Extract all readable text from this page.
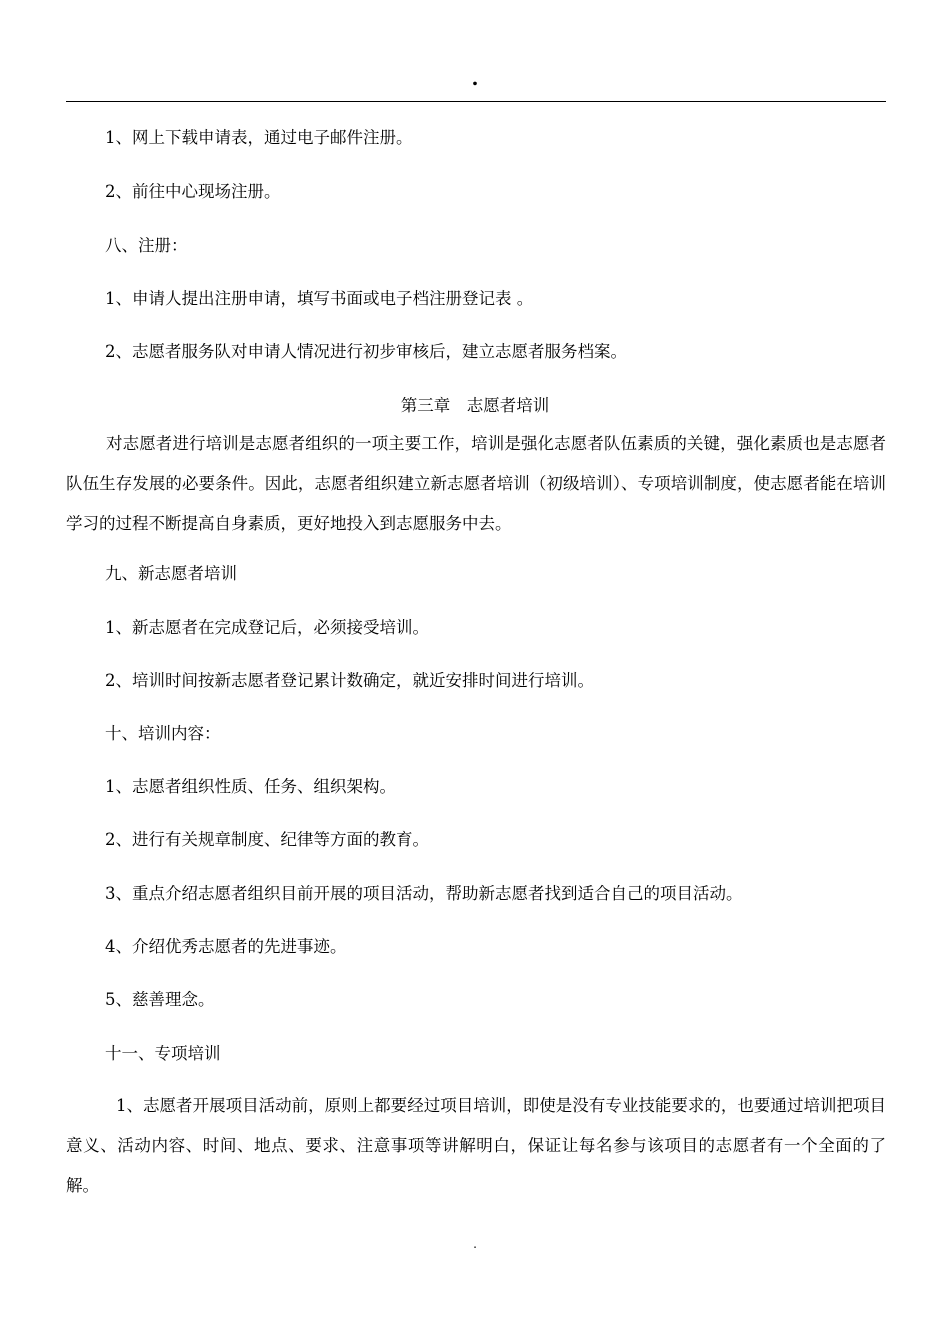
.
1、网上下载申请表，通过电子邮件注册。
2、前往中心现场注册。
八、注册：
1、申请人提出注册申请，填写书面或电子档注册登记表 。
2、志愿者服务队对申请人情况进行初步审核后，建立志愿者服务档案。
第三章　志愿者培训
对志愿者进行培训是志愿者组织的一项主要工作，培训是强化志愿者队伍素质的关键，强化素质也是志愿者队伍生存发展的必要条件。因此，志愿者组织建立新志愿者培训（初级培训）、专项培训制度，使志愿者能在培训学习的过程不断提高自身素质，更好地投入到志愿服务中去。
九、新志愿者培训
1、新志愿者在完成登记后，必须接受培训。
2、培训时间按新志愿者登记累计数确定，就近安排时间进行培训。
十、培训内容：
1、志愿者组织性质、任务、组织架构。
2、进行有关规章制度、纪律等方面的教育。
3、重点介绍志愿者组织目前开展的项目活动，帮助新志愿者找到适合自己的项目活动。
4、介绍优秀志愿者的先进事迹。
5、慈善理念。
十一、专项培训
1、志愿者开展项目活动前，原则上都要经过项目培训，即使是没有专业技能要求的，也要通过培训把项目意义、活动内容、时间、地点、要求、注意事项等讲解明白，保证让每名参与该项目的志愿者有一个全面的了解。
.
